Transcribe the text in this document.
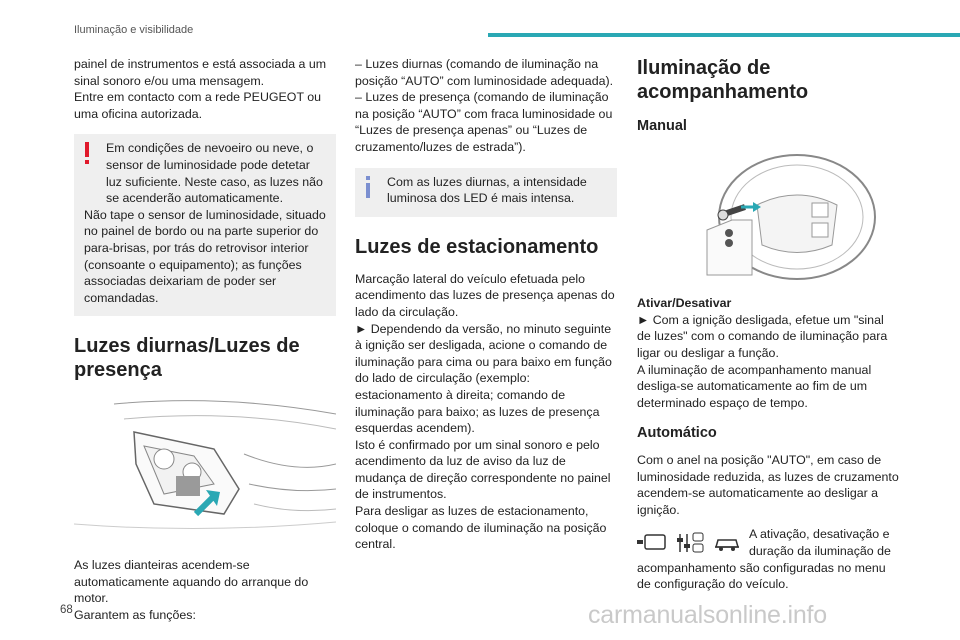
Iluminação e visibilidade

painel de instrumentos e está associada a um sinal sonoro e/ou uma mensagem.

Entre em contacto com a rede PEUGEOT ou uma oficina autorizada.

Em condições de nevoeiro ou neve, o sensor de luminosidade pode detetar luz suficiente. Neste caso, as luzes não se acenderão automaticamente.

Não tape o sensor de luminosidade, situado no painel de bordo ou na parte superior do para-brisas, por trás do retrovisor interior (consoante o equipamento); as funções associadas deixariam de poder ser comandadas.

Luzes diurnas/Luzes de presença

As luzes dianteiras acendem-se automaticamente aquando do arranque do motor.

Garantem as funções:

– Luzes diurnas (comando de iluminação na posição “AUTO” com luminosidade adequada).

– Luzes de presença (comando de iluminação na posição “AUTO” com fraca luminosidade ou “Luzes de presença apenas” ou “Luzes de cruzamento/luzes de estrada”).

Com as luzes diurnas, a intensidade luminosa dos LED é mais intensa.

Luzes de estacionamento

Marcação lateral do veículo efetuada pelo acendimento das luzes de presença apenas do lado da circulação.

► Dependendo da versão, no minuto seguinte à ignição ser desligada, acione o comando de iluminação para cima ou para baixo em função do lado de circulação (exemplo: estacionamento à direita; comando de iluminação para baixo; as luzes de presença esquerdas acendem).

Isto é confirmado por um sinal sonoro e pelo acendimento da luz de aviso da luz de mudança de direção correspondente no painel de instrumentos.

Para desligar as luzes de estacionamento, coloque o comando de iluminação na posição central.

Iluminação de acompanhamento
Manual

Ativar/Desativar

► Com a ignição desligada, efetue um "sinal de luzes" com o comando de iluminação para ligar ou desligar a função.

A iluminação de acompanhamento manual desliga-se automaticamente ao fim de um determinado espaço de tempo.

Automático

Com o anel na posição "AUTO", em caso de luminosidade reduzida, as luzes de cruzamento acendem-se automaticamente ao desligar a ignição.

A ativação, desativação e duração da iluminação de acompanhamento são configuradas no menu de configuração do veículo.

68	carmanualsonline.info
